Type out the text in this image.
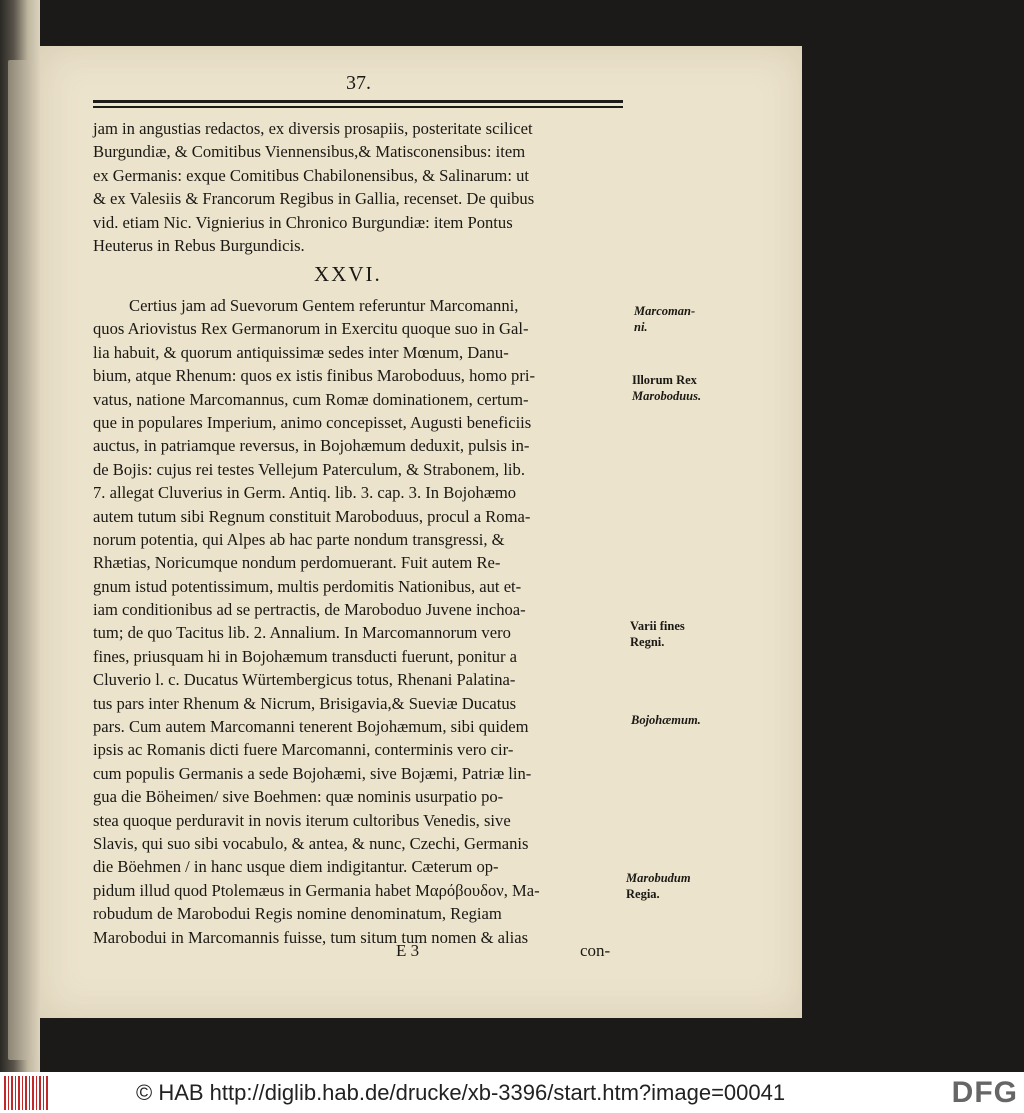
37.
jam in angustias redactos, ex diversis prosapiis, posteritate scilicet
Burgundiæ, & Comitibus Viennensibus,& Matisconensibus: item
ex Germanis: exque Comitibus Chabilonensibus, & Salinarum: ut
& ex Valesiis & Francorum Regibus in Gallia, recenset. De quibus
vid. etiam Nic. Vignierius in Chronico Burgundiæ: item Pontus
Heuterus in Rebus Burgundicis.
XXVI.
Certius jam ad Suevorum Gentem referuntur Marcomanni,
quos Ariovistus Rex Germanorum in Exercitu quoque suo in Gal-
lia habuit, & quorum antiquissimæ sedes inter Mœnum, Danu-
bium, atque Rhenum: quos ex istis finibus Maroboduus, homo pri-
vatus, natione Marcomannus, cum Romæ dominationem, certum-
que in populares Imperium, animo concepisset, Augusti beneficiis
auctus, in patriamque reversus, in Bojohæmum deduxit, pulsis in-
de Bojis: cujus rei testes Vellejum Paterculum, & Strabonem, lib.
7. allegat Cluverius in Germ. Antiq. lib. 3. cap. 3. In Bojohæmo
autem tutum sibi Regnum constituit Maroboduus, procul a Roma-
norum potentia, qui Alpes ab hac parte nondum transgressi, &
Rhætias, Noricumque nondum perdomuerant. Fuit autem Re-
gnum istud potentissimum, multis perdomitis Nationibus, aut et-
iam conditionibus ad se pertractis, de Maroboduo Juvene inchoa-
tum; de quo Tacitus lib. 2. Annalium. In Marcomannorum vero
fines, priusquam hi in Bojohæmum transducti fuerunt, ponitur a
Cluverio l. c. Ducatus Würtembergicus totus, Rhenani Palatina-
tus pars inter Rhenum & Nicrum, Brisigavia,& Sueviæ Ducatus
pars. Cum autem Marcomanni tenerent Bojohæmum, sibi quidem
ipsis ac Romanis dicti fuere Marcomanni, conterminis vero cir-
cum populis Germanis a sede Bojohæmi, sive Bojæmi, Patriæ lin-
gua die Böheimen/ sive Boehmen: quæ nominis usurpatio po-
stea quoque perduravit in novis iterum cultoribus Venedis, sive
Slavis, qui suo sibi vocabulo, & antea, & nunc, Czechi, Germanis
die Böehmen / in hanc usque diem indigitantur. Cæterum op-
pidum illud quod Ptolemæus in Germania habet Μαρόβουδον, Ma-
robudum de Marobodui Regis nomine denominatum, Regiam
Marobodui in Marcomannis fuisse, tum situm tum nomen & alias
Marcoman-
ni.
Illorum Rex
Maroboduus.
Varii fines
Regni.
Bojohæmum.
Marobudum
Regia.
E 3	con-
© HAB http://diglib.hab.de/drucke/xb-3396/start.htm?image=00041	DFG
